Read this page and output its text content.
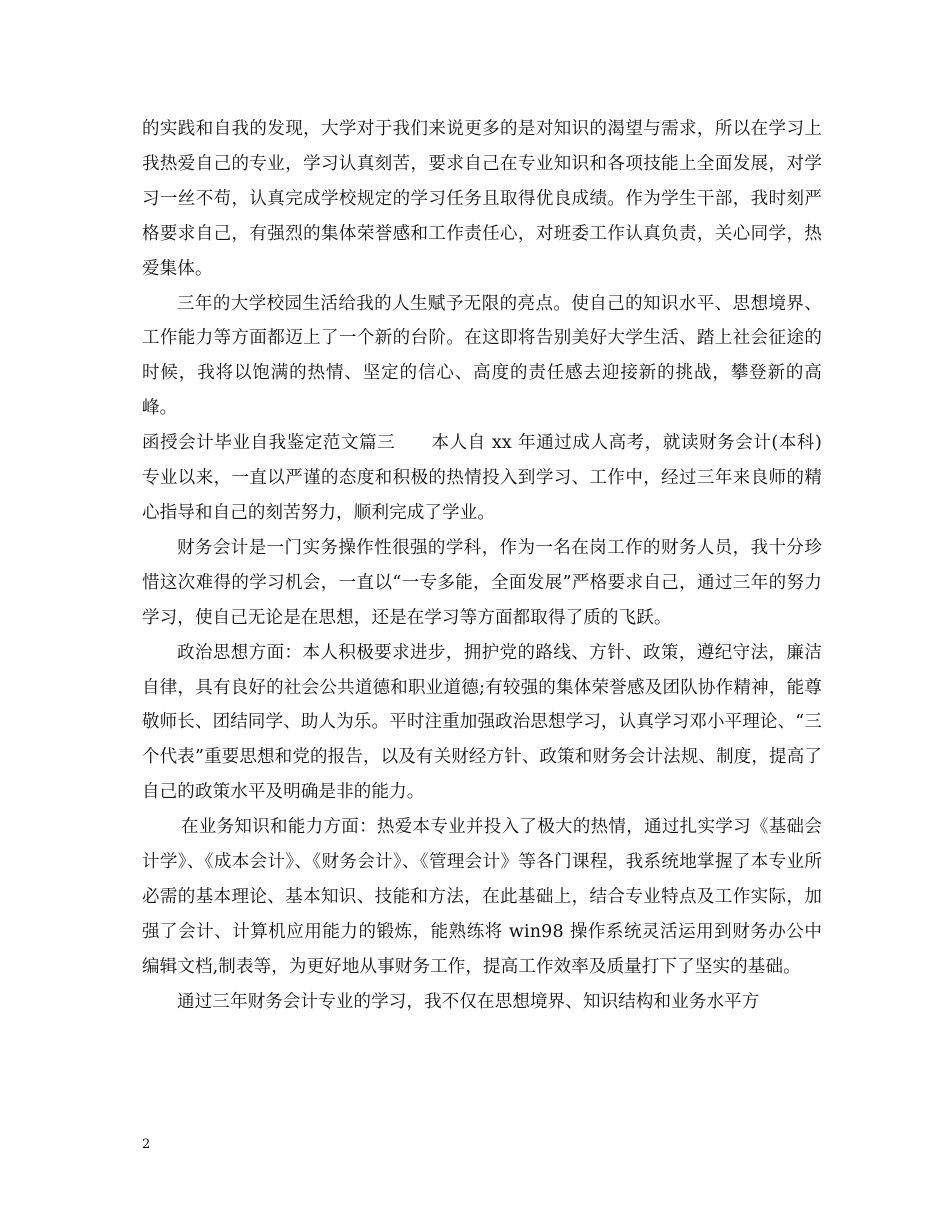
的实践和自我的发现，大学对于我们来说更多的是对知识的渴望与需求，所以在学习上我热爱自己的专业，学习认真刻苦，要求自己在专业知识和各项技能上全面发展，对学习一丝不苟，认真完成学校规定的学习任务且取得优良成绩。作为学生干部，我时刻严格要求自己，有强烈的集体荣誉感和工作责任心，对班委工作认真负责，关心同学，热爱集体。

三年的大学校园生活给我的人生赋予无限的亮点。使自己的知识水平、思想境界、工作能力等方面都迈上了一个新的台阶。在这即将告别美好大学生活、踏上社会征途的时候，我将以饱满的热情、坚定的信心、高度的责任感去迎接新的挑战，攀登新的高峰。

函授会计毕业自我鉴定范文篇三　　本人自 xx 年通过成人高考，就读财务会计(本科)专业以来，一直以严谨的态度和积极的热情投入到学习、工作中，经过三年来良师的精心指导和自己的刻苦努力，顺利完成了学业。

财务会计是一门实务操作性很强的学科，作为一名在岗工作的财务人员，我十分珍惜这次难得的学习机会，一直以“一专多能，全面发展”严格要求自己，通过三年的努力学习，使自己无论是在思想，还是在学习等方面都取得了质的飞跃。

政治思想方面：本人积极要求进步，拥护党的路线、方针、政策，遵纪守法，廉洁自律，具有良好的社会公共道德和职业道德;有较强的集体荣誉感及团队协作精神，能尊敬师长、团结同学、助人为乐。平时注重加强政治思想学习，认真学习邓小平理论、“三个代表”重要思想和党的报告，以及有关财经方针、政策和财务会计法规、制度，提高了自己的政策水平及明确是非的能力。

在业务知识和能力方面：热爱本专业并投入了极大的热情，通过扎实学习《基础会计学》、《成本会计》、《财务会计》、《管理会计》等各门课程，我系统地掌握了本专业所必需的基本理论、基本知识、技能和方法，在此基础上，结合专业特点及工作实际，加强了会计、计算机应用能力的锻炼，能熟练将 win98 操作系统灵活运用到财务办公中编辑文档,制表等，为更好地从事财务工作，提高工作效率及质量打下了坚实的基础。

通过三年财务会计专业的学习，我不仅在思想境界、知识结构和业务水平方

2
